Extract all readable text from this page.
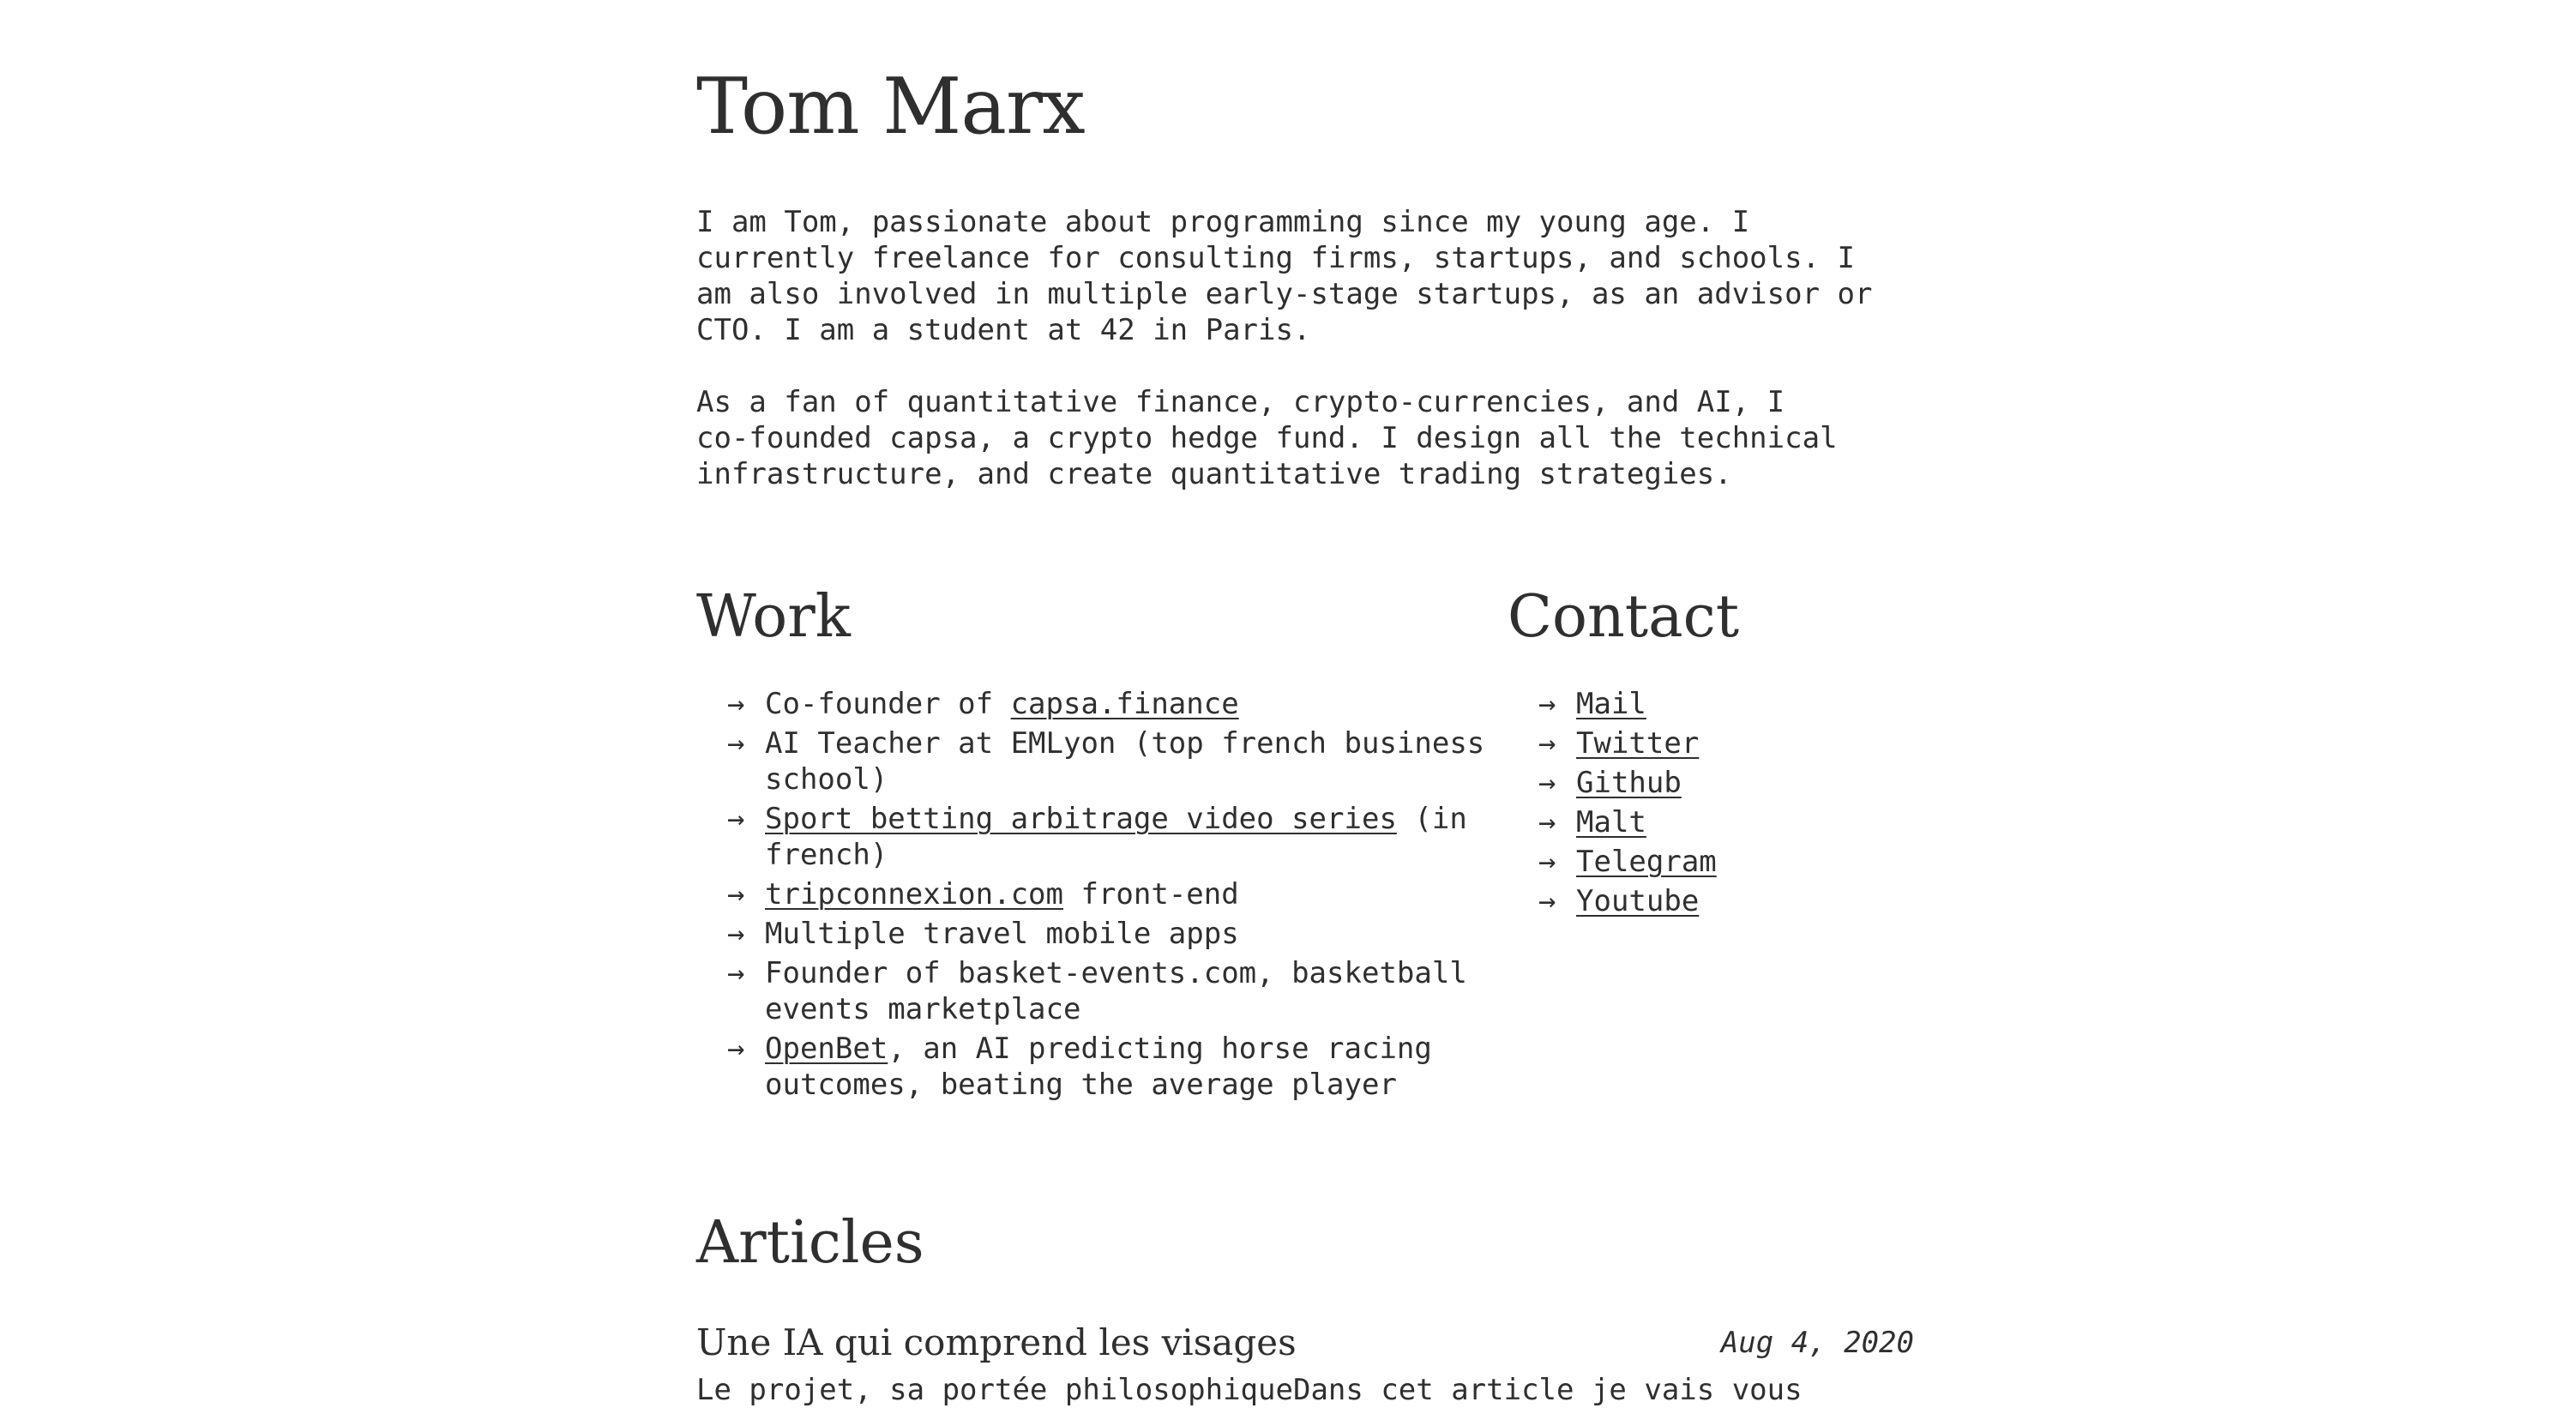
Tom Marx

I am Tom, passionate about programming since my young age. I currently freelance for consulting firms, startups, and schools. I am also involved in multiple early-stage startups, as an advisor or CTO. I am a student at 42 in Paris.

As a fan of quantitative finance, crypto-currencies, and AI, I co-founded capsa, a crypto hedge fund. I design all the technical infrastructure, and create quantitative trading strategies.

Work
→ Co-founder of capsa.finance
→ AI Teacher at EMLyon (top french business school)
→ Sport betting arbitrage video series (in french)
→ tripconnexion.com front-end
→ Multiple travel mobile apps
→ Founder of basket-events.com, basketball events marketplace
→ OpenBet, an AI predicting horse racing outcomes, beating the average player
Contact
→ Mail
→ Twitter
→ Github
→ Malt
→ Telegram
→ Youtube
Articles
Une IA qui comprend les visages	Aug 4, 2020
Le projet, sa portée philosophiqueDans cet article je vais vous
